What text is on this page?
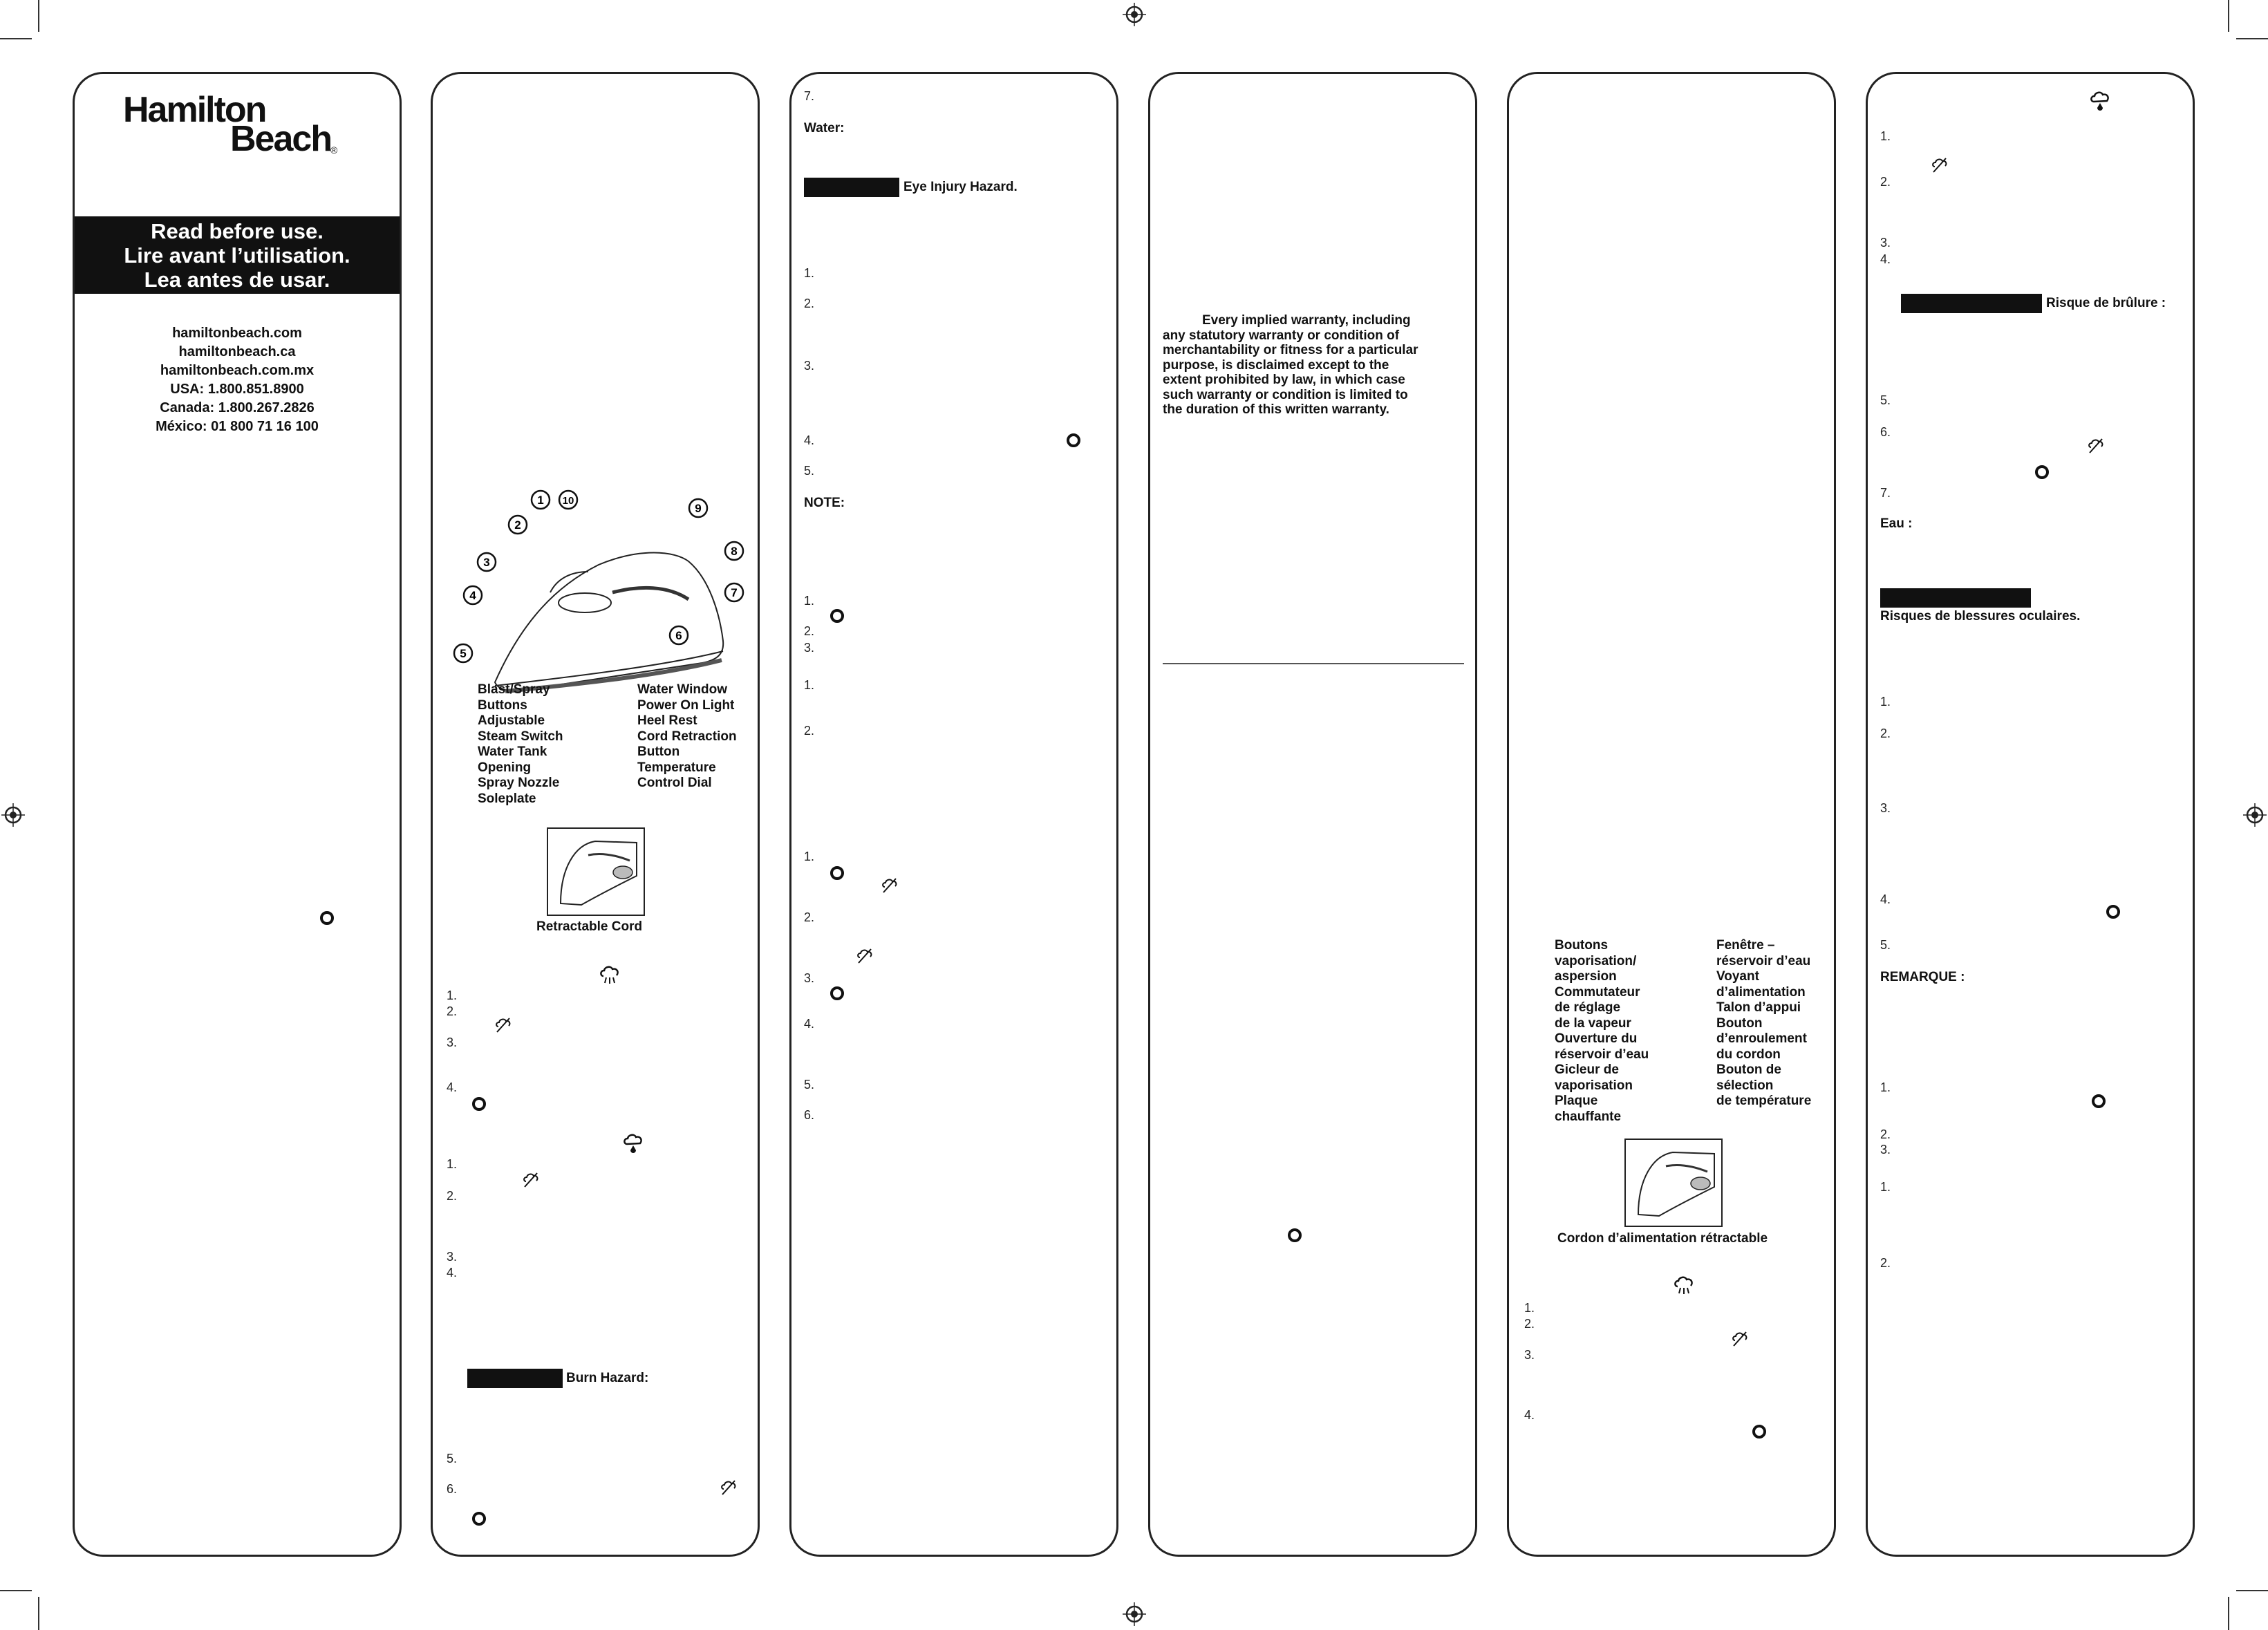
Hamilton
Beach
®
Read before use.
Lire avant l’utilisation.
Lea antes de usar.
hamiltonbeach.com
hamiltonbeach.ca
hamiltonbeach.com.mx
USA: 1.800.851.8900
Canada: 1.800.267.2826
México: 01 800 71 16 100
1 10
9
2
3
8
4	7
6
5
Blast/Spray
Buttons
Adjustable
Steam Switch
Water Tank
Opening
Spray Nozzle
Soleplate
Water Window
Power On Light
Heel Rest
Cord Retraction
Button
Temperature
Control Dial
Retractable Cord
1.
2.
3.
4.
1.
2.
3.
4.
Burn Hazard:
5.
6.
7.
Water:
Eye Injury Hazard.
1.
2.
3.
4.
5.
NOTE:
1.
2.
3.
1.
2.
1.
2.
3.
4.
5.
6.
Every implied warranty, including
any statutory warranty or condition of
merchantability or fitness for a particular
purpose, is disclaimed except to the
extent prohibited by law, in which case
such warranty or condition is limited to
the duration of this written warranty.
Boutons
vaporisation/
aspersion
Commutateur
de réglage
de la vapeur
Ouverture du
réservoir d’eau
Gicleur de
vaporisation
Plaque
chauffante
Fenêtre –
réservoir d’eau
Voyant
d’alimentation
Talon d’appui
Bouton
d’enroulement
du cordon
Bouton de
sélection
de température
Cordon d’alimentation rétractable
1.
2.
3.
4.
1.
2.
3.
4.
Risque de brûlure :
5.
6.
7.
Eau :
Risques de blessures oculaires.
1.
2.
3.
4.
5.
REMARQUE :
1.
2.
3.
1.
2.
